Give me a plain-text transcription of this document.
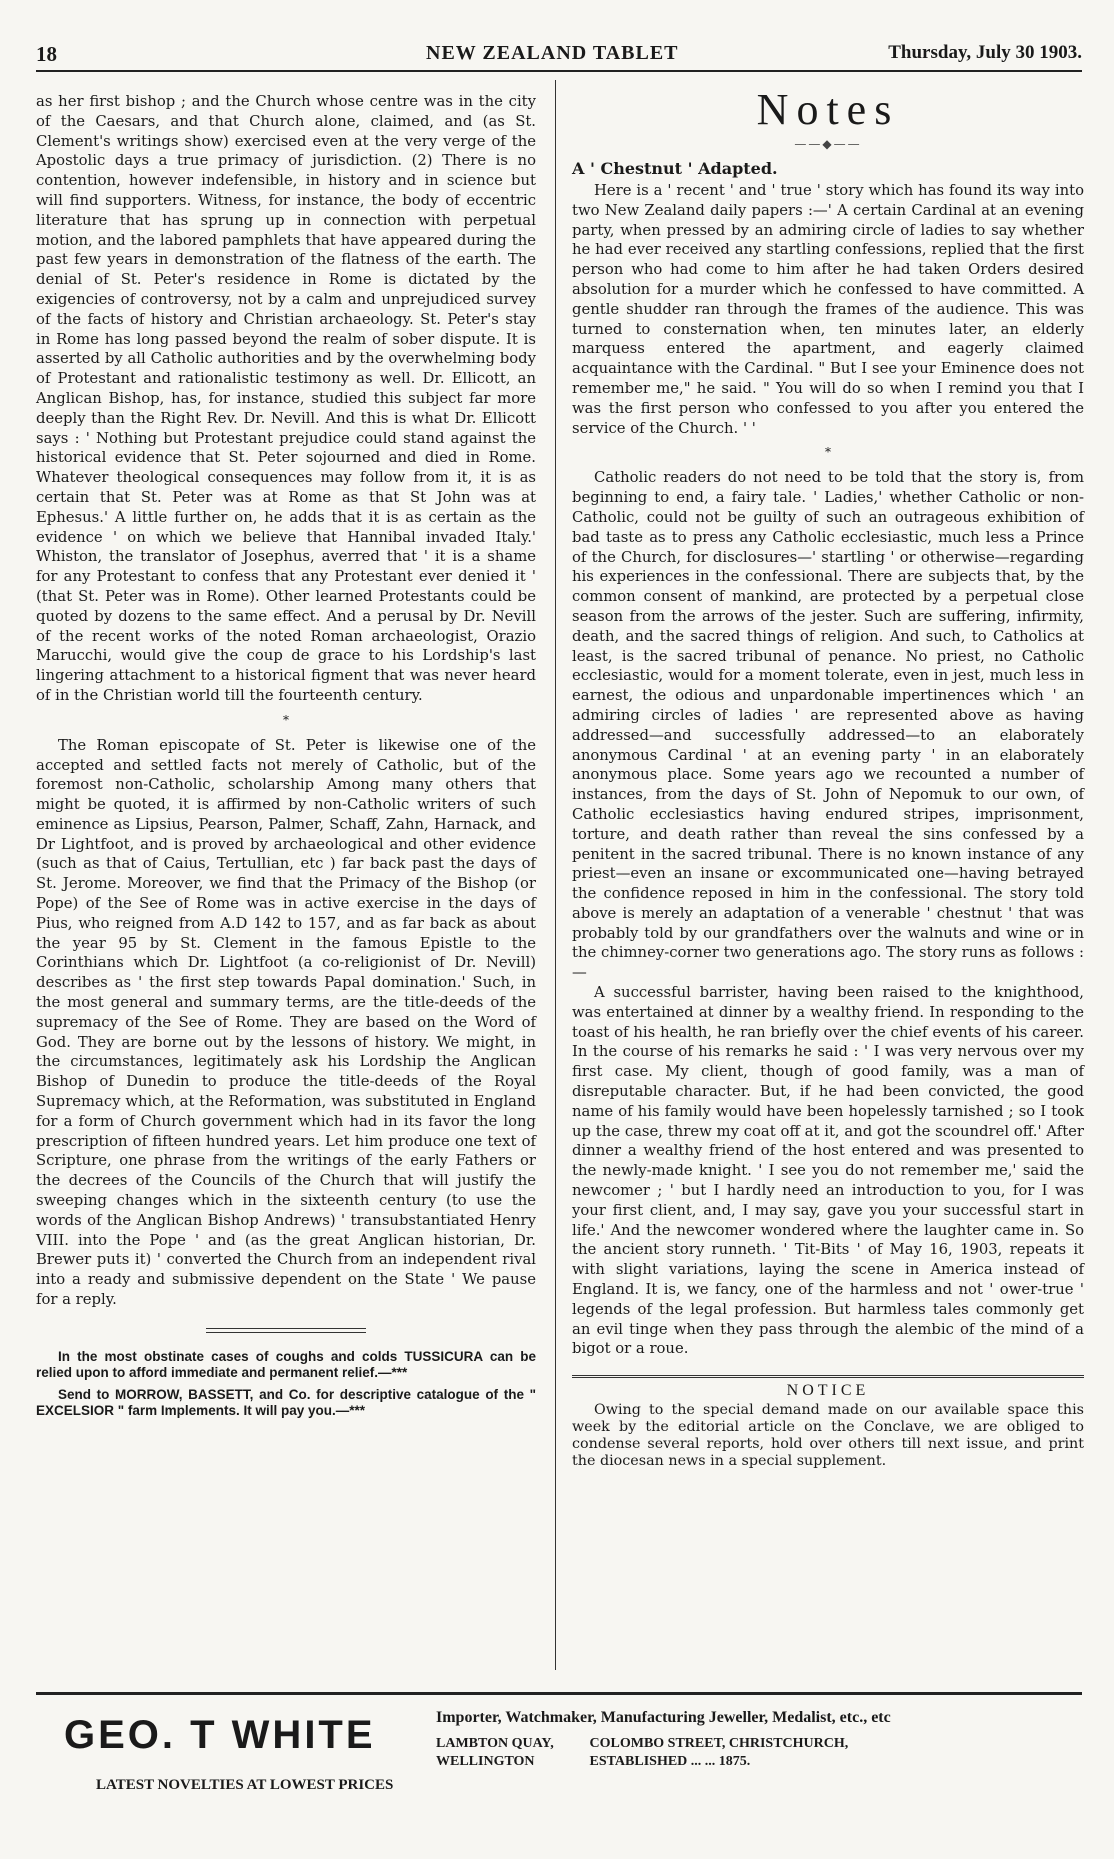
18	NEW ZEALAND TABLET	Thursday, July 30 1903.

as her first bishop ; and the Church whose centre was in the city of the Caesars, and that Church alone, claimed, and (as St. Clement's writings show) exercised even at the very verge of the Apostolic days a true primacy of jurisdiction. (2) There is no contention, however indefensible, in history and in science but will find supporters. Witness, for instance, the body of eccentric literature that has sprung up in connection with perpetual motion, and the labored pamphlets that have appeared during the past few years in demonstration of the flatness of the earth. The denial of St. Peter's residence in Rome is dictated by the exigencies of controversy, not by a calm and unprejudiced survey of the facts of history and Christian archaeology. St. Peter's stay in Rome has long passed beyond the realm of sober dispute. It is asserted by all Catholic authorities and by the overwhelming body of Protestant and rationalistic testimony as well. Dr. Ellicott, an Anglican Bishop, has, for instance, studied this subject far more deeply than the Right Rev. Dr. Nevill. And this is what Dr. Ellicott says : ' Nothing but Protestant prejudice could stand against the historical evidence that St. Peter sojourned and died in Rome. Whatever theological consequences may follow from it, it is as certain that St. Peter was at Rome as that St John was at Ephesus.' A little further on, he adds that it is as certain as the evidence ' on which we believe that Hannibal invaded Italy.' Whiston, the translator of Josephus, averred that ' it is a shame for any Protestant to confess that any Protestant ever denied it ' (that St. Peter was in Rome). Other learned Protestants could be quoted by dozens to the same effect. And a perusal by Dr. Nevill of the recent works of the noted Roman archaeologist, Orazio Marucchi, would give the coup de grace to his Lordship's last lingering attachment to a historical figment that was never heard of in the Christian world till the fourteenth century.

*

The Roman episcopate of St. Peter is likewise one of the accepted and settled facts not merely of Catholic, but of the foremost non-Catholic, scholarship Among many others that might be quoted, it is affirmed by non-Catholic writers of such eminence as Lipsius, Pearson, Palmer, Schaff, Zahn, Harnack, and Dr Lightfoot, and is proved by archaeological and other evidence (such as that of Caius, Tertullian, etc ) far back past the days of St. Jerome. Moreover, we find that the Primacy of the Bishop (or Pope) of the See of Rome was in active exercise in the days of Pius, who reigned from A.D 142 to 157, and as far back as about the year 95 by St. Clement in the famous Epistle to the Corinthians which Dr. Lightfoot (a co-religionist of Dr. Nevill) describes as ' the first step towards Papal domination.' Such, in the most general and summary terms, are the title-deeds of the supremacy of the See of Rome. They are based on the Word of God. They are borne out by the lessons of history. We might, in the circumstances, legitimately ask his Lordship the Anglican Bishop of Dunedin to produce the title-deeds of the Royal Supremacy which, at the Reformation, was substituted in England for a form of Church government which had in its favor the long prescription of fifteen hundred years. Let him produce one text of Scripture, one phrase from the writings of the early Fathers or the decrees of the Councils of the Church that will justify the sweeping changes which in the sixteenth century (to use the words of the Anglican Bishop Andrews) ' transubstantiated Henry VIII. into the Pope ' and (as the great Anglican historian, Dr. Brewer puts it) ' converted the Church from an independent rival into a ready and submissive dependent on the State ' We pause for a reply.

In the most obstinate cases of coughs and colds TUSSICURA can be relied upon to afford immediate and permanent relief.—***

Send to MORROW, BASSETT, and Co. for descriptive catalogue of the " EXCELSIOR " farm Implements. It will pay you.—***

Notes
——◆——
A ' Chestnut ' Adapted.

Here is a ' recent ' and ' true ' story which has found its way into two New Zealand daily papers :—' A certain Cardinal at an evening party, when pressed by an admiring circle of ladies to say whether he had ever received any startling confessions, replied that the first person who had come to him after he had taken Orders desired absolution for a murder which he confessed to have committed. A gentle shudder ran through the frames of the audience. This was turned to consternation when, ten minutes later, an elderly marquess entered the apartment, and eagerly claimed acquaintance with the Cardinal. " But I see your Eminence does not remember me," he said. " You will do so when I remind you that I was the first person who confessed to you after you entered the service of the Church. ' '

*

Catholic readers do not need to be told that the story is, from beginning to end, a fairy tale. ' Ladies,' whether Catholic or non-Catholic, could not be guilty of such an outrageous exhibition of bad taste as to press any Catholic ecclesiastic, much less a Prince of the Church, for disclosures—' startling ' or otherwise—regarding his experiences in the confessional. There are subjects that, by the common consent of mankind, are protected by a perpetual close season from the arrows of the jester. Such are suffering, infirmity, death, and the sacred things of religion. And such, to Catholics at least, is the sacred tribunal of penance. No priest, no Catholic ecclesiastic, would for a moment tolerate, even in jest, much less in earnest, the odious and unpardonable impertinences which ' an admiring circles of ladies ' are represented above as having addressed—and successfully addressed—to an elaborately anonymous Cardinal ' at an evening party ' in an elaborately anonymous place. Some years ago we recounted a number of instances, from the days of St. John of Nepomuk to our own, of Catholic ecclesiastics having endured stripes, imprisonment, torture, and death rather than reveal the sins confessed by a penitent in the sacred tribunal. There is no known instance of any priest—even an insane or excommunicated one—having betrayed the confidence reposed in him in the confessional. The story told above is merely an adaptation of a venerable ' chestnut ' that was probably told by our grandfathers over the walnuts and wine or in the chimney-corner two generations ago. The story runs as follows :—

A successful barrister, having been raised to the knighthood, was entertained at dinner by a wealthy friend. In responding to the toast of his health, he ran briefly over the chief events of his career. In the course of his remarks he said : ' I was very nervous over my first case. My client, though of good family, was a man of disreputable character. But, if he had been convicted, the good name of his family would have been hopelessly tarnished ; so I took up the case, threw my coat off at it, and got the scoundrel off.' After dinner a wealthy friend of the host entered and was presented to the newly-made knight. ' I see you do not remember me,' said the newcomer ; ' but I hardly need an introduction to you, for I was your first client, and, I may say, gave you your successful start in life.' And the newcomer wondered where the laughter came in. So the ancient story runneth. ' Tit-Bits ' of May 16, 1903, repeats it with slight variations, laying the scene in America instead of England. It is, we fancy, one of the harmless and not ' ower-true ' legends of the legal profession. But harmless tales commonly get an evil tinge when they pass through the alembic of the mind of a bigot or a roue.

NOTICE

Owing to the special demand made on our available space this week by the editorial article on the Conclave, we are obliged to condense several reports, hold over others till next issue, and print the diocesan news in a special supplement.

GEO. T WHITE
LATEST NOVELTIES AT LOWEST PRICES
Importer, Watchmaker, Manufacturing Jeweller, Medalist, etc., etc
LAMBTON QUAY,	COLOMBO STREET, CHRISTCHURCH,
WELLINGTON	ESTABLISHED ... ... 1875.
